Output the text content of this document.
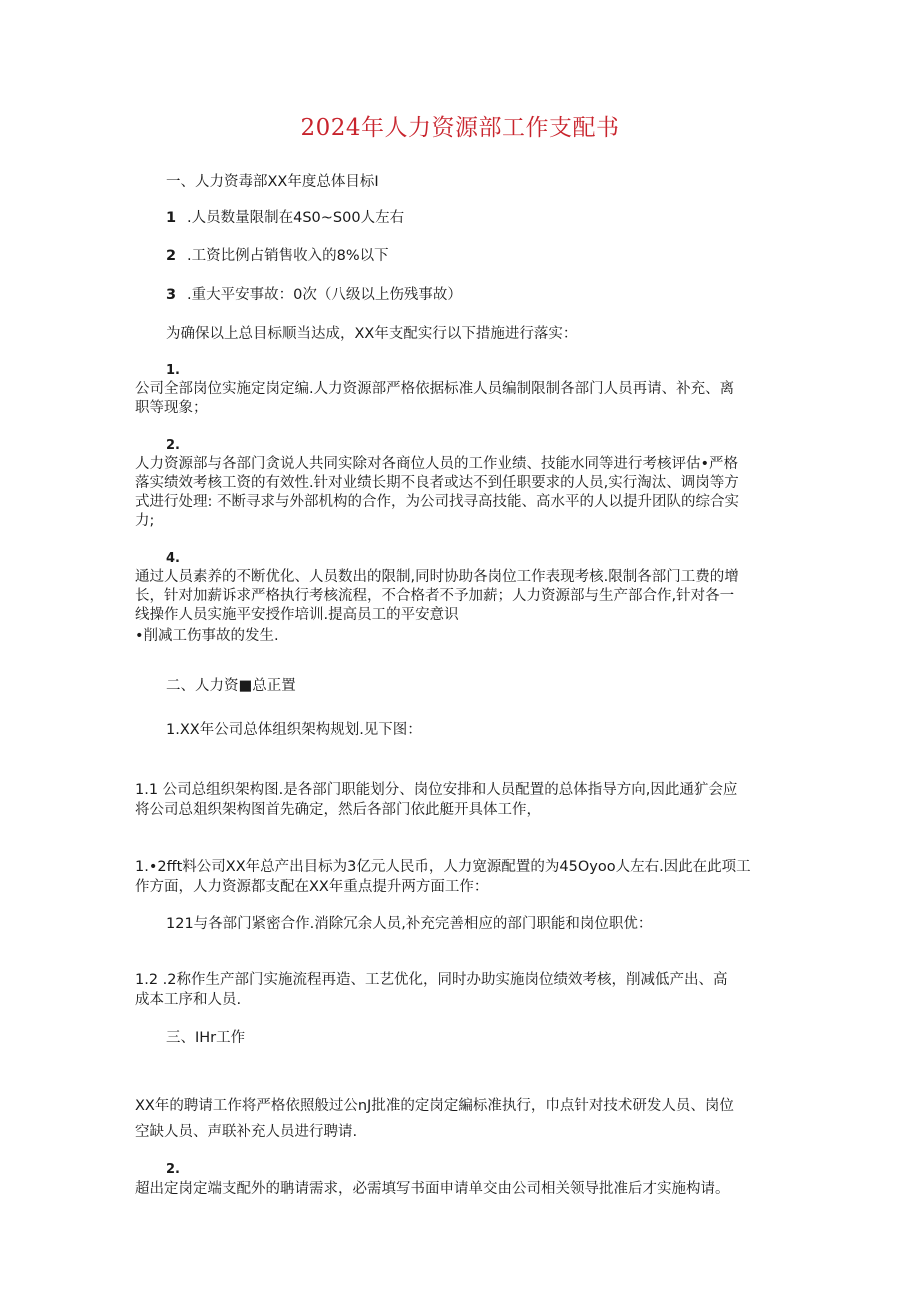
2024年人力资源部工作支配书
一、人力资毒部XX年度总体目标I
1 .人员数量限制在4S0~S00人左右
2 .工资比例占销售收入的8%以下
3 .重大平安事故：0次（八级以上伤残事故）
为确保以上总目标顺当达成，XX年支配实行以下措施进行落实：
1.
公司全部岗位实施定岗定编.人力资源部严格依据标准人员编制限制各部门人员再请、补充、离
职等现象；
2.
人力资源部与各部门贪说人共同实除对各商位人员的工作业绩、技能水同等进行考核评估•严格
落实绩效考核工资的有效性.针对业绩长期不良者或达不到任职要求的人员,实行淘汰、调岗等方
式进行处理: 不断寻求与外部机构的合作，为公司找寻高技能、高水平的人以提升团队的综合实
力;
4.
通过人员素养的不断优化、人员数出的限制,同时协助各岗位工作表现考核.限制各部门工费的增
长，针对加薪诉求严格执行考核流程，不合格者不予加薪；人力资源部与生产部合作,针对各一
线操作人员实施平安授作培训.提高员工的平安意识
•削减工伤事故的发生.
二、人力资■总正置
1.XX年公司总体组织架构规划.见下图：
1.1 公司总组织架构图.是各部门职能划分、岗位安排和人员配置的总体指导方向,因此通犷会应
将公司总爼织架构图首先确定，然后各部门依此艇开具体工作，
1.•2fft料公司XX年总产出目标为3亿元人民币，人力宽源配置的为45Oyoo人左右.因此在此项工
作方面，人力资源都支配在XX年重点提升两方面工作：
121与各部门紧密合作.消除冗余人员,补充完善相应的部门职能和岗位职优：
1.2 .2称作生产部门实施流程再造、工艺优化，同时办助实施岗位绩效考核，削减低产出、高
成本工序和人员.
三、IHr工作
XX年的聘请工作将严格依照般过公nJ批准的定岗定編标准执行，巾点针对技术研发人员、岗位
空缺人员、声联补充人员进行聘请.
2.
超出定岗定端支配外的聃请需求，必需填写书面申请单交由公司相关领导批准后才实施构请。
